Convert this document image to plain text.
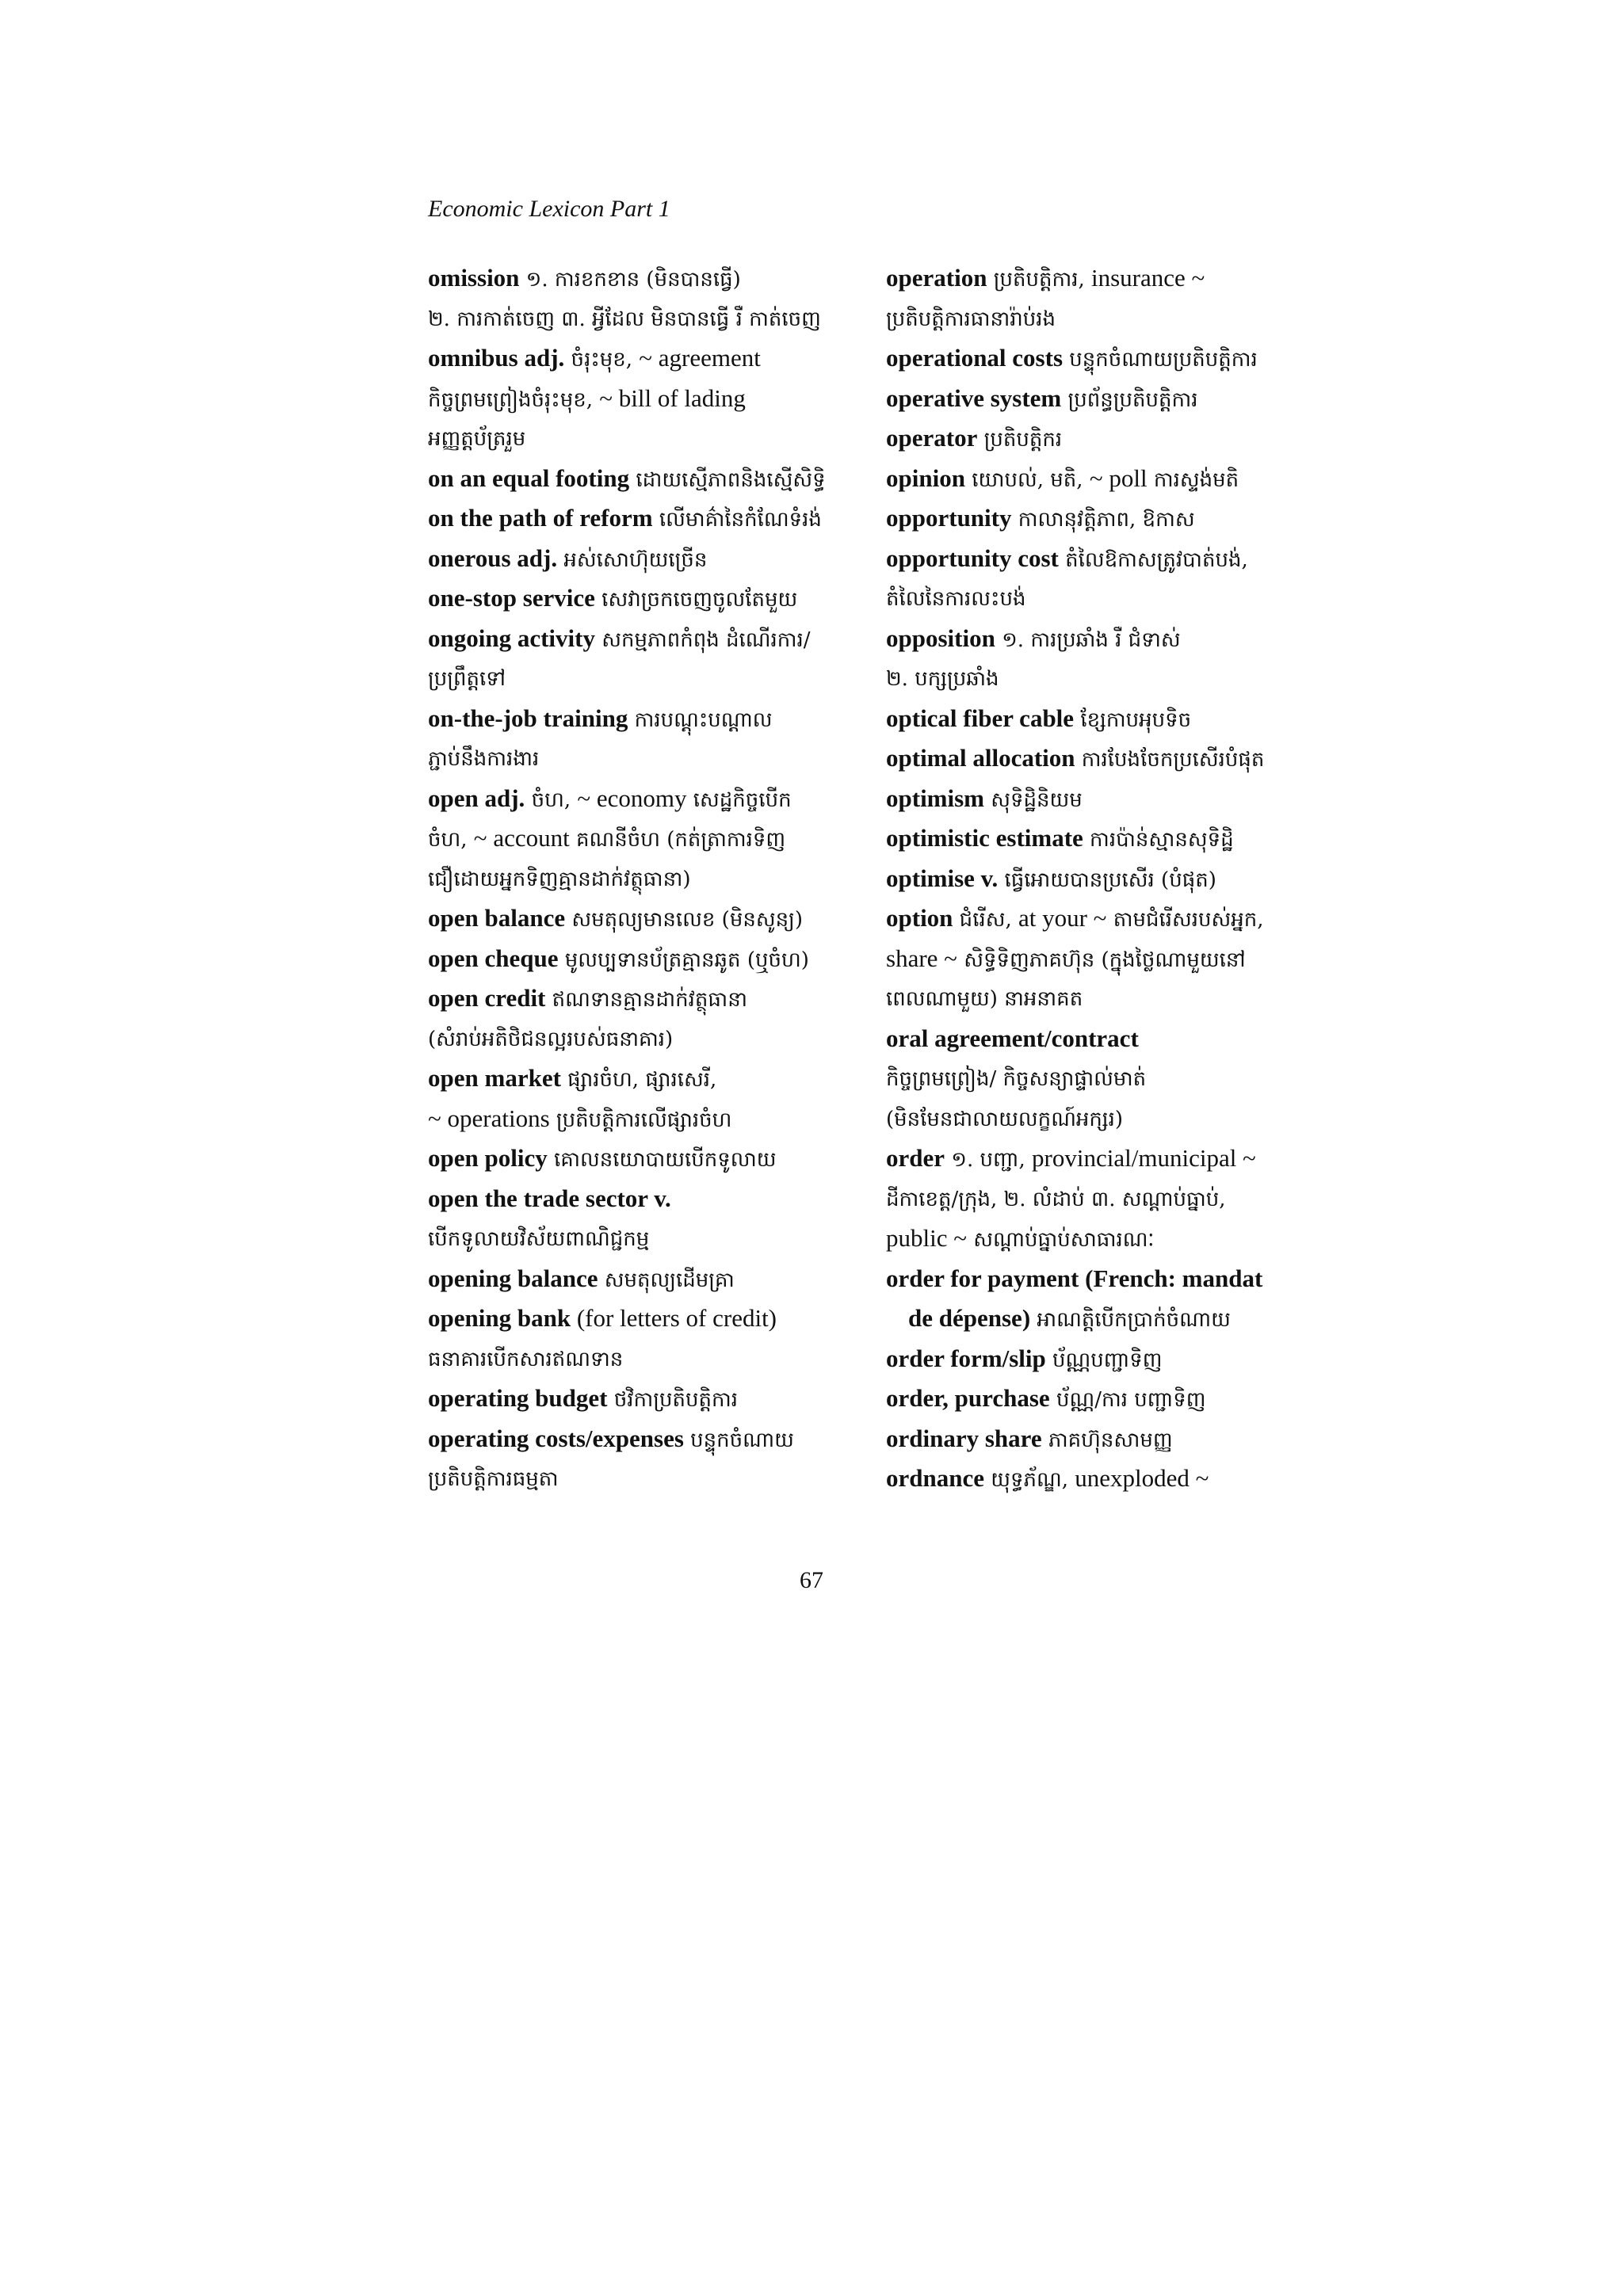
Economic Lexicon Part 1
omission ១. ការខកខាន (មិនបានធ្វើ)
២. ការកាត់ចេញ ៣. អ្វីដែល មិនបានធ្វើ រឺ កាត់ចេញ
omnibus adj. ចំរុះមុខ, ~ agreement
កិច្ចព្រមព្រៀងចំរុះមុខ, ~ bill of lading
អញ្ញត្តប័ត្ររួម
on an equal footing ដោយស្មើភាពនិងស្មើសិទ្ធិ
on the path of reform លើមាគ៌ានៃកំណែទំរង់
onerous adj. អស់សោហ៊ុយច្រើន
one-stop service សេវាច្រកចេញចូលតែមួយ
ongoing activity សកម្មភាពកំពុង ដំណើរការ/
ប្រព្រឹត្តទៅ
on-the-job training ការបណ្តុះបណ្តាល
ភ្ជាប់នឹងការងារ
open adj. ចំហ, ~ economy សេដ្ឋកិច្ចបើក
ចំហ, ~ account គណនីចំហ (កត់ត្រាការទិញ
ជឿដោយអ្នកទិញគ្មានដាក់វត្ថុធានា)
open balance សមតុល្យមានលេខ (មិនសូន្យ)
open cheque មូលប្បទានប័ត្រគ្មានឆូត (ឬចំហ)
open credit ឥណទានគ្មានដាក់វត្ថុធានា
(សំរាប់អតិថិជនល្អរបស់ធនាគារ)
open market ផ្សារចំហ, ផ្សារសេរី,
~ operations ប្រតិបត្តិការលើផ្សារចំហ
open policy គោលនយោបាយបើកទូលាយ
open the trade sector v.
បើកទូលាយវិស័យពាណិជ្ជកម្ម
opening balance សមតុល្យដើមគ្រា
opening bank (for letters of credit)
ធនាគារបើកសារឥណទាន
operating budget ថវិកាប្រតិបត្តិការ
operating costs/expenses បន្ទុកចំណាយ
ប្រតិបត្តិការធម្មតា
operation ប្រតិបត្តិការ, insurance ~
ប្រតិបត្តិការធានារ៉ាប់រង
operational costs បន្ទុកចំណាយប្រតិបត្តិការ
operative system ប្រព័ន្ធប្រតិបត្តិការ
operator ប្រតិបត្តិករ
opinion យោបល់, មតិ, ~ poll ការស្ទង់មតិ
opportunity កាលានុវត្តិភាព, ឱកាស
opportunity cost តំលៃឱកាសត្រូវបាត់បង់,
តំលៃនៃការលះបង់
opposition ១. ការប្រឆាំង រឺ ជំទាស់
២. បក្សប្រឆាំង
optical fiber cable ខ្សែកាបអុបទិច
optimal allocation ការបែងចែកប្រសើរបំផុត
optimism សុទិដ្ឋិនិយម
optimistic estimate ការប៉ាន់ស្មានសុទិដ្ឋិ
optimise v. ធ្វើអោយបានប្រសើរ (បំផុត)
option ជំរើស, at your ~ តាមជំរើសរបស់អ្នក,
share ~ សិទ្ធិទិញភាគហ៊ុន (ក្នុងថ្លៃណាមួយនៅ
ពេលណាមួយ) នាអនាគត
oral agreement/contract
កិច្ចព្រមព្រៀង/ កិច្ចសន្យាផ្ទាល់មាត់
(មិនមែនជាលាយលក្ខណ៍អក្សរ)
order ១. បញ្ជា, provincial/municipal ~
ដីកាខេត្ត/ក្រុង, ២. លំដាប់ ៣. សណ្តាប់ធ្នាប់,
public ~ សណ្តាប់ធ្នាប់សាធារណៈ
order for payment (French: mandat
de dépense) អាណត្តិបើកប្រាក់ចំណាយ
order form/slip ប័ណ្ណបញ្ជាទិញ
order, purchase ប័ណ្ណ/ការ បញ្ជាទិញ
ordinary share ភាគហ៊ុនសាមញ្ញ
ordnance យុទ្ធភ័ណ្ឌ, unexploded ~
67
